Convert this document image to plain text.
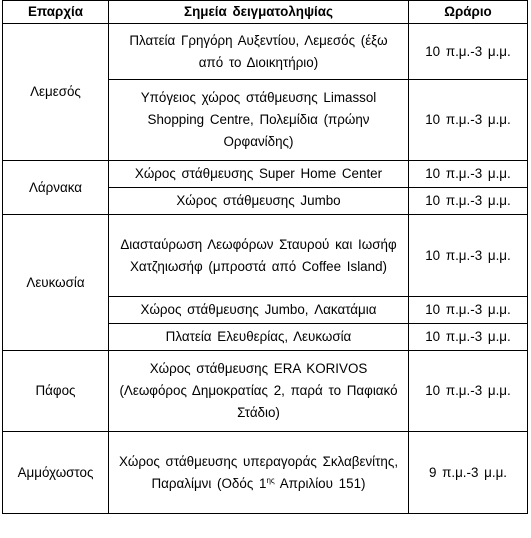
Επαρχία	Σημεία δειγματοληψίας	Ωράριο
Λεμεσός	Πλατεία Γρηγόρη Αυξεντίου, Λεμεσός (έξω από το Διοικητήριο)	10 π.μ.-3 μ.μ.
	Υπόγειος χώρος στάθμευσης Limassol Shopping Centre, Πολεμίδια (πρώην Ορφανίδης)	10 π.μ.-3 μ.μ.
Λάρνακα	Χώρος στάθμευσης Super Home Center	10 π.μ.-3 μ.μ.
	Χώρος στάθμευσης Jumbo	10 π.μ.-3 μ.μ.
Λευκωσία	Διασταύρωση Λεωφόρων Σταυρού και Ιωσήφ Χατζηιωσήφ (μπροστά από Coffee Island)	10 π.μ.-3 μ.μ.
	Χώρος στάθμευσης Jumbo, Λακατάμια	10 π.μ.-3 μ.μ.
	Πλατεία Ελευθερίας, Λευκωσία	10 π.μ.-3 μ.μ.
Πάφος	Χώρος στάθμευσης ERA KORIVOS (Λεωφόρος Δημοκρατίας 2, παρά το Παφιακό Στάδιο)	10 π.μ.-3 μ.μ.
Αμμόχωστος	Χώρος στάθμευσης υπεραγοράς Σκλαβενίτης, Παραλίμνι (Οδός $1^{\eta\varsigma}$ Απριλίου 151)	9 π.μ.-3 μ.μ.
